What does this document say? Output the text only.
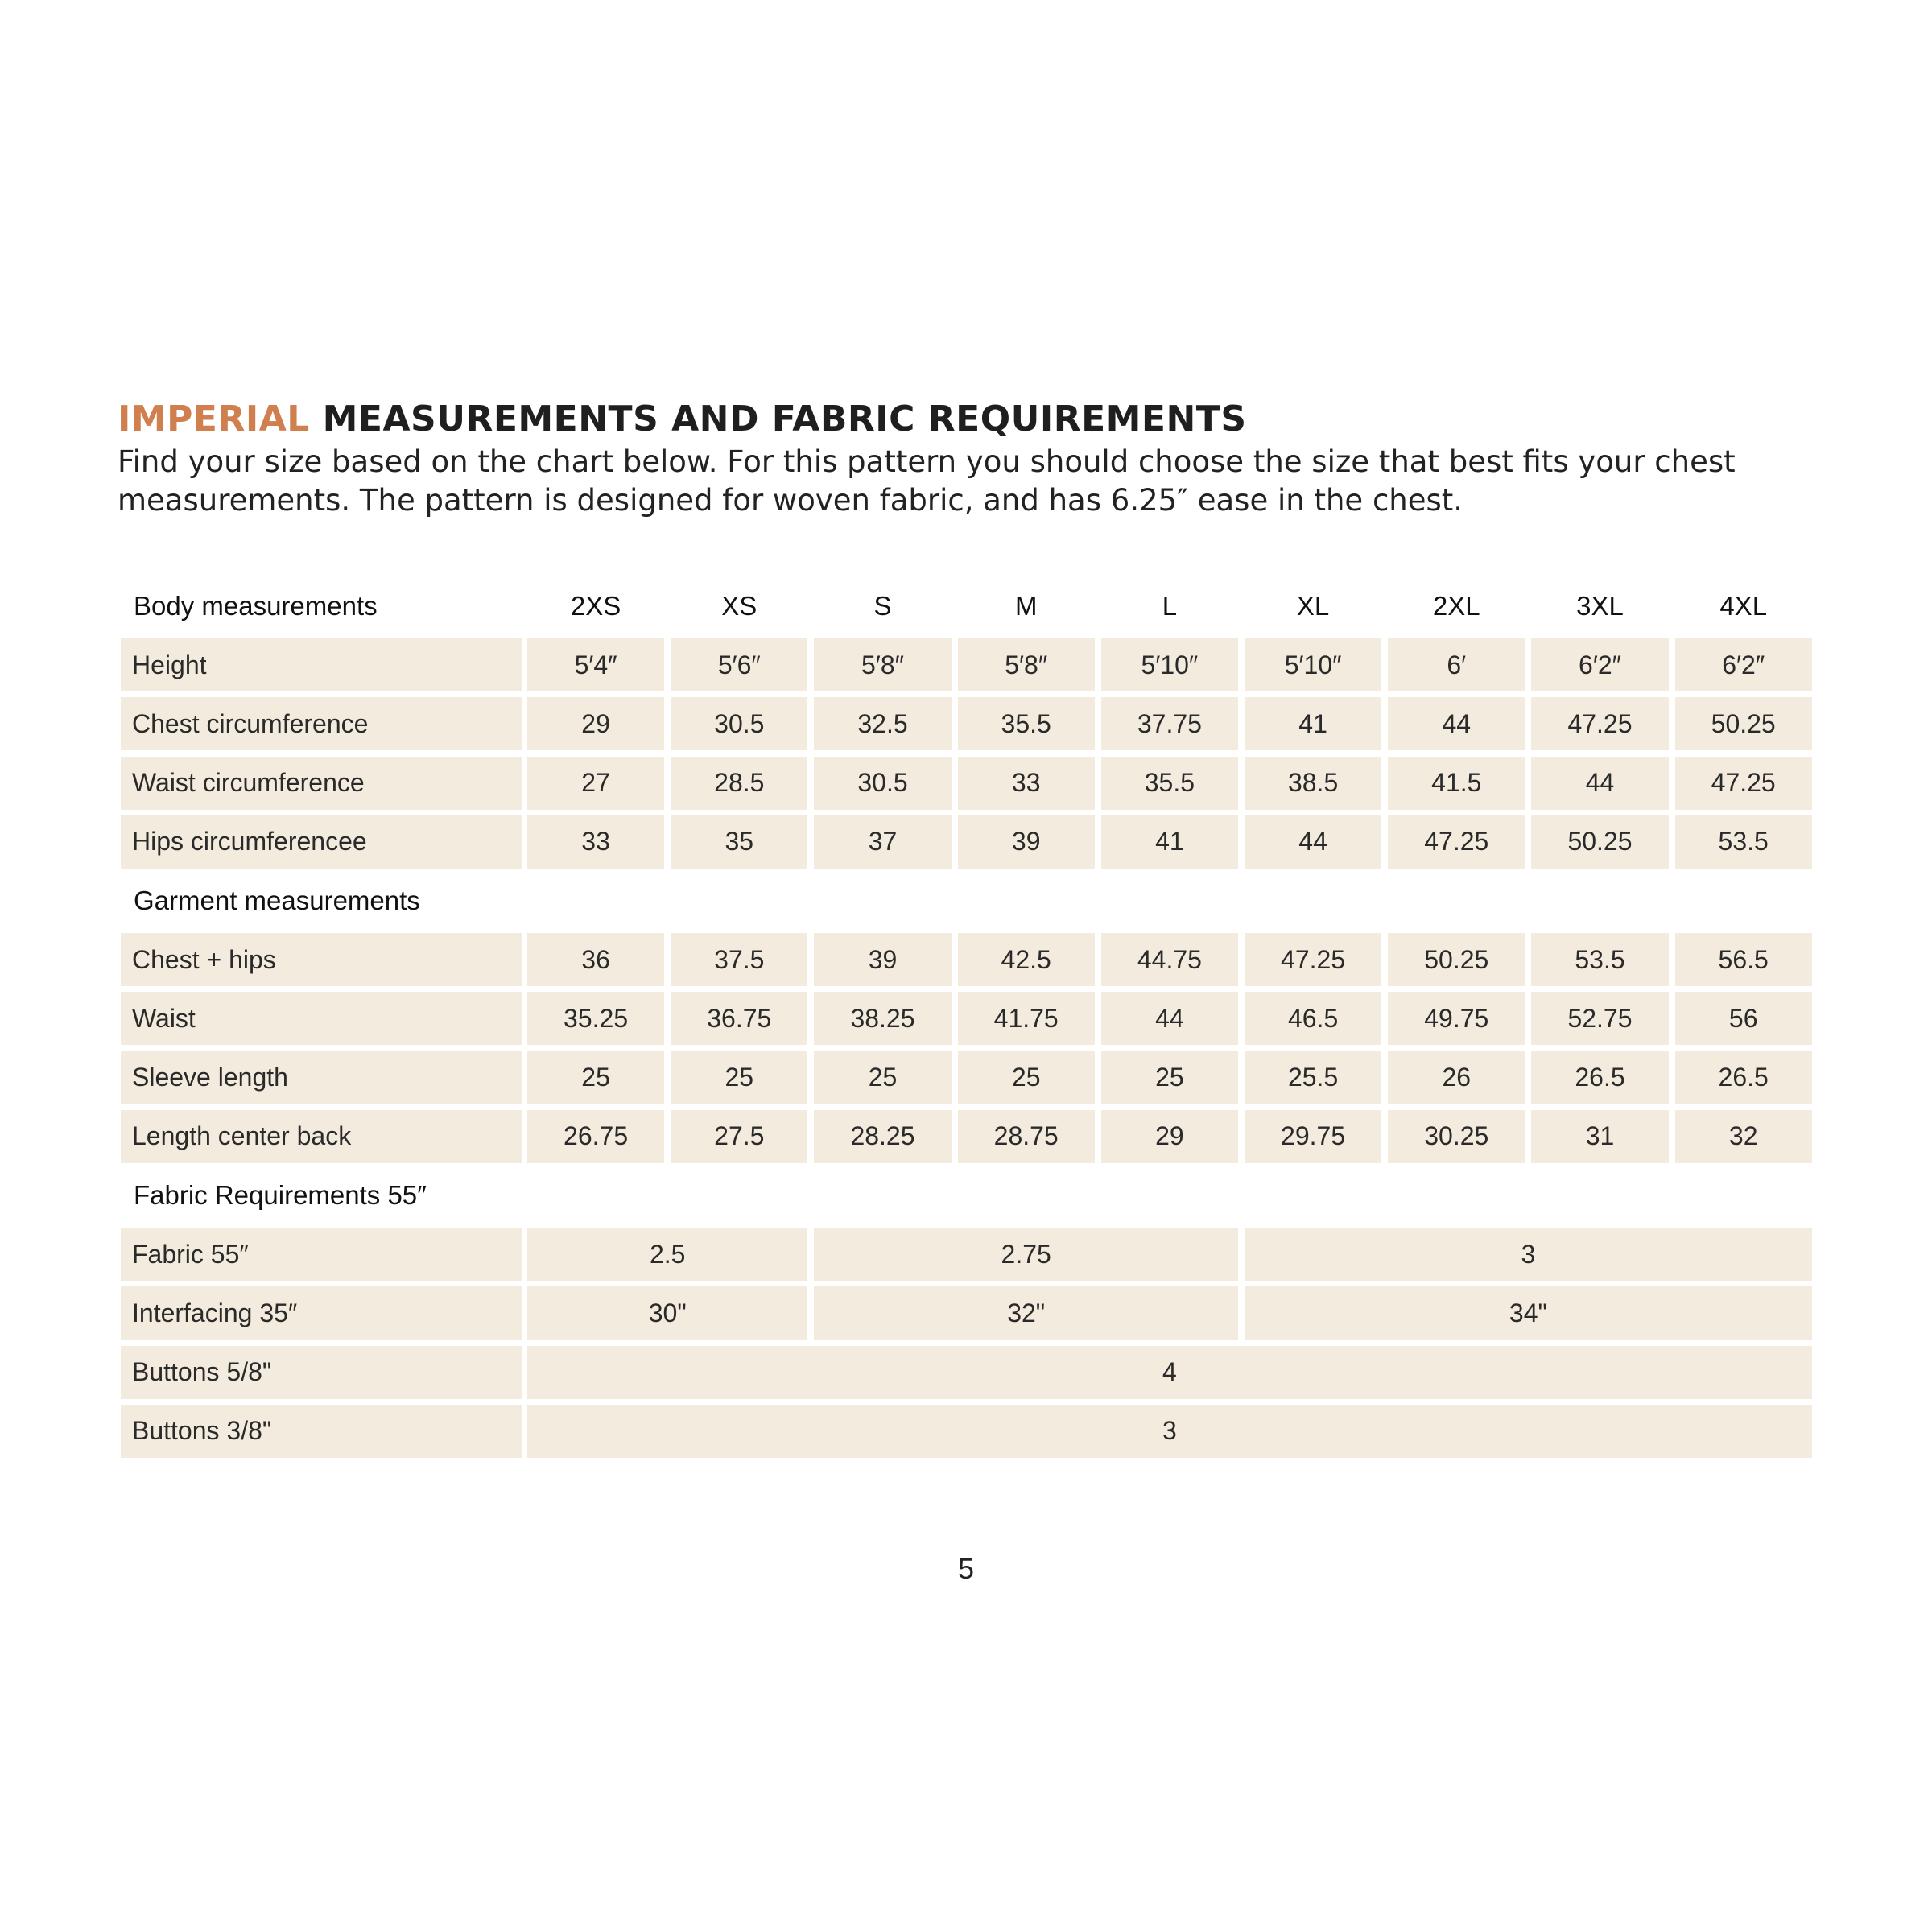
IMPERIAL MEASUREMENTS AND FABRIC REQUIREMENTS

Find your size based on the chart below. For this pattern you should choose the size that best fits your chest measurements. The pattern is designed for woven fabric, and has 6.25″ ease in the chest.

Body measurements	2XS	XS	S	M	L	XL	2XL	3XL	4XL
Height	5′4″	5′6″	5′8″	5′8″	5′10″	5′10″	6′	6′2″	6′2″
Chest circumference	29	30.5	32.5	35.5	37.75	41	44	47.25	50.25
Waist circumference	27	28.5	30.5	33	35.5	38.5	41.5	44	47.25
Hips circumferencee	33	35	37	39	41	44	47.25	50.25	53.5
Garment measurements
Chest + hips	36	37.5	39	42.5	44.75	47.25	50.25	53.5	56.5
Waist	35.25	36.75	38.25	41.75	44	46.5	49.75	52.75	56
Sleeve length	25	25	25	25	25	25.5	26	26.5	26.5
Length center back	26.75	27.5	28.25	28.75	29	29.75	30.25	31	32
Fabric Requirements 55″
Fabric 55″	2.5	2.75	3
Interfacing 35″	30"	32"	34"
Buttons 5/8"	4
Buttons 3/8"	3

5
